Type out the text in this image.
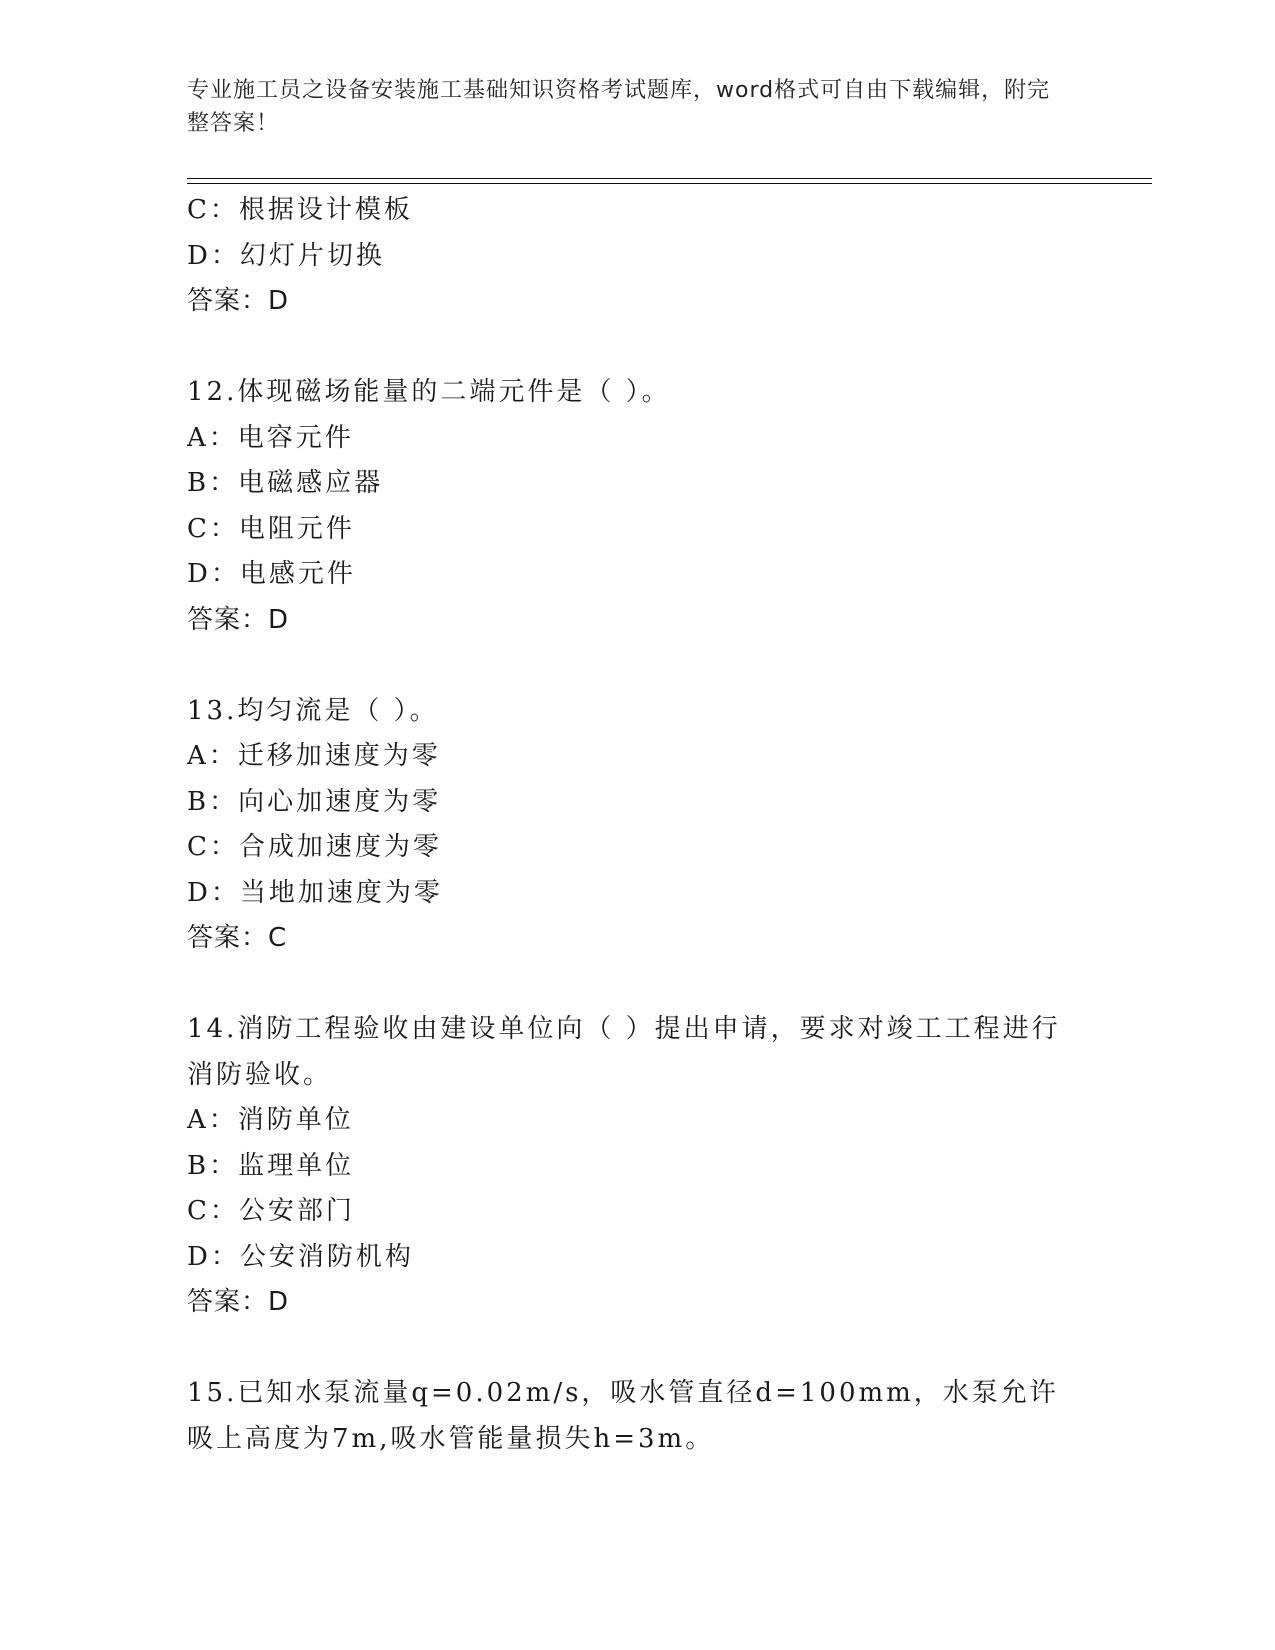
专业施工员之设备安装施工基础知识资格考试题库，word格式可自由下载编辑，附完整答案！
C：根据设计模板
D：幻灯片切换
答案：D
12.体现磁场能量的二端元件是（ ）。
A：电容元件
B：电磁感应器
C：电阻元件
D：电感元件
答案：D
13.均匀流是（ ）。
A：迁移加速度为零
B：向心加速度为零
C：合成加速度为零
D：当地加速度为零
答案：C
14.消防工程验收由建设单位向（ ）提出申请，要求对竣工工程进行消防验收。
A：消防单位
B：监理单位
C：公安部门
D：公安消防机构
答案：D
15.已知水泵流量q=0.02m/s，吸水管直径d=100mm，水泵允许吸上高度为7m,吸水管能量损失h=3m。
